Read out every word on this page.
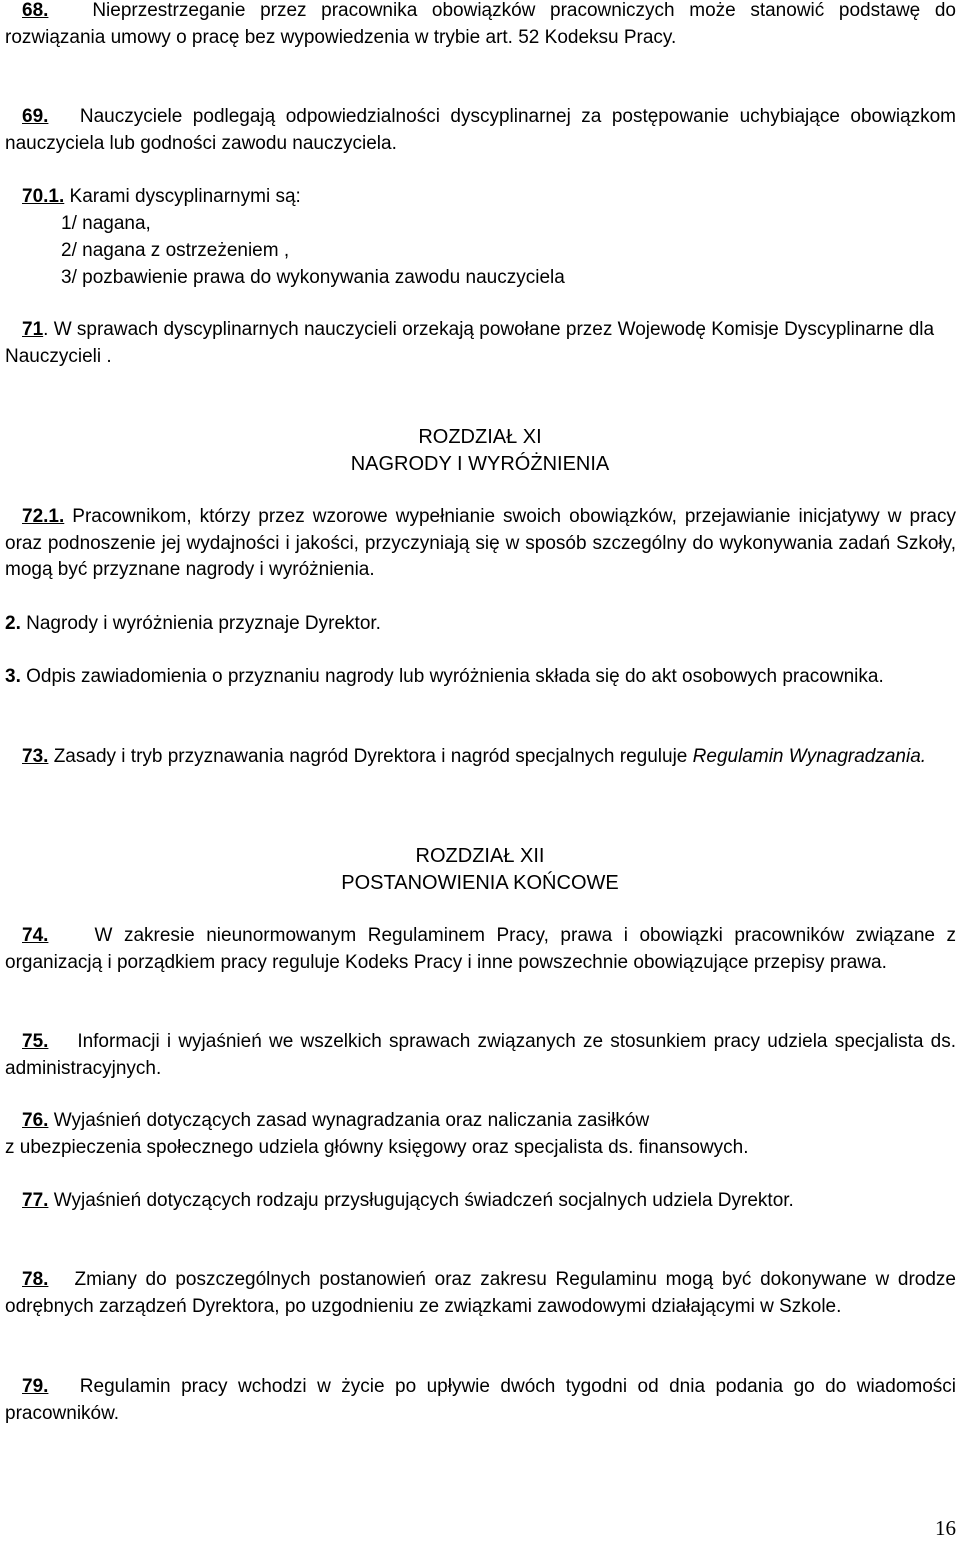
68. Nieprzestrzeganie przez pracownika obowiązków pracowniczych może stanowić podstawę do rozwiązania umowy o pracę bez wypowiedzenia w trybie art. 52 Kodeksu Pracy.

69. Nauczyciele podlegają odpowiedzialności dyscyplinarnej za postępowanie uchybiające obowiązkom nauczyciela lub godności zawodu nauczyciela.

70.1. Karami dyscyplinarnymi są:

1/ nagana,

2/ nagana z ostrzeżeniem ,

3/ pozbawienie prawa do wykonywania zawodu nauczyciela

71. W sprawach dyscyplinarnych nauczycieli orzekają powołane przez Wojewodę Komisje Dyscyplinarne dla Nauczycieli .

ROZDZIAŁ XI

NAGRODY I WYRÓŻNIENIA

72.1. Pracownikom, którzy przez wzorowe wypełnianie swoich obowiązków, przejawianie inicjatywy w pracy oraz podnoszenie jej wydajności i jakości, przyczyniają się w sposób szczególny do wykonywania zadań Szkoły, mogą być przyznane nagrody i wyróżnienia.

2. Nagrody i wyróżnienia przyznaje Dyrektor.

3. Odpis zawiadomienia o przyznaniu nagrody lub wyróżnienia składa się do akt osobowych pracownika.

73. Zasady i tryb przyznawania nagród Dyrektora i nagród specjalnych reguluje Regulamin Wynagradzania.

ROZDZIAŁ XII

POSTANOWIENIA KOŃCOWE

74. W zakresie nieunormowanym Regulaminem Pracy, prawa i obowiązki pracowników związane z organizacją i porządkiem pracy reguluje Kodeks Pracy i inne powszechnie obowiązujące przepisy prawa.

75. Informacji i wyjaśnień we wszelkich sprawach związanych ze stosunkiem pracy udziela specjalista ds. administracyjnych.

76. Wyjaśnień dotyczących zasad wynagradzania oraz naliczania zasiłków
z ubezpieczenia społecznego udziela główny księgowy oraz specjalista ds. finansowych.

77. Wyjaśnień dotyczących rodzaju przysługujących świadczeń socjalnych udziela Dyrektor.

78. Zmiany do poszczególnych postanowień oraz zakresu Regulaminu mogą być dokonywane w drodze odrębnych zarządzeń Dyrektora, po uzgodnieniu ze związkami zawodowymi działającymi w Szkole.

79. Regulamin pracy wchodzi w życie po upływie dwóch tygodni od dnia podania go do wiadomości pracowników.

16
